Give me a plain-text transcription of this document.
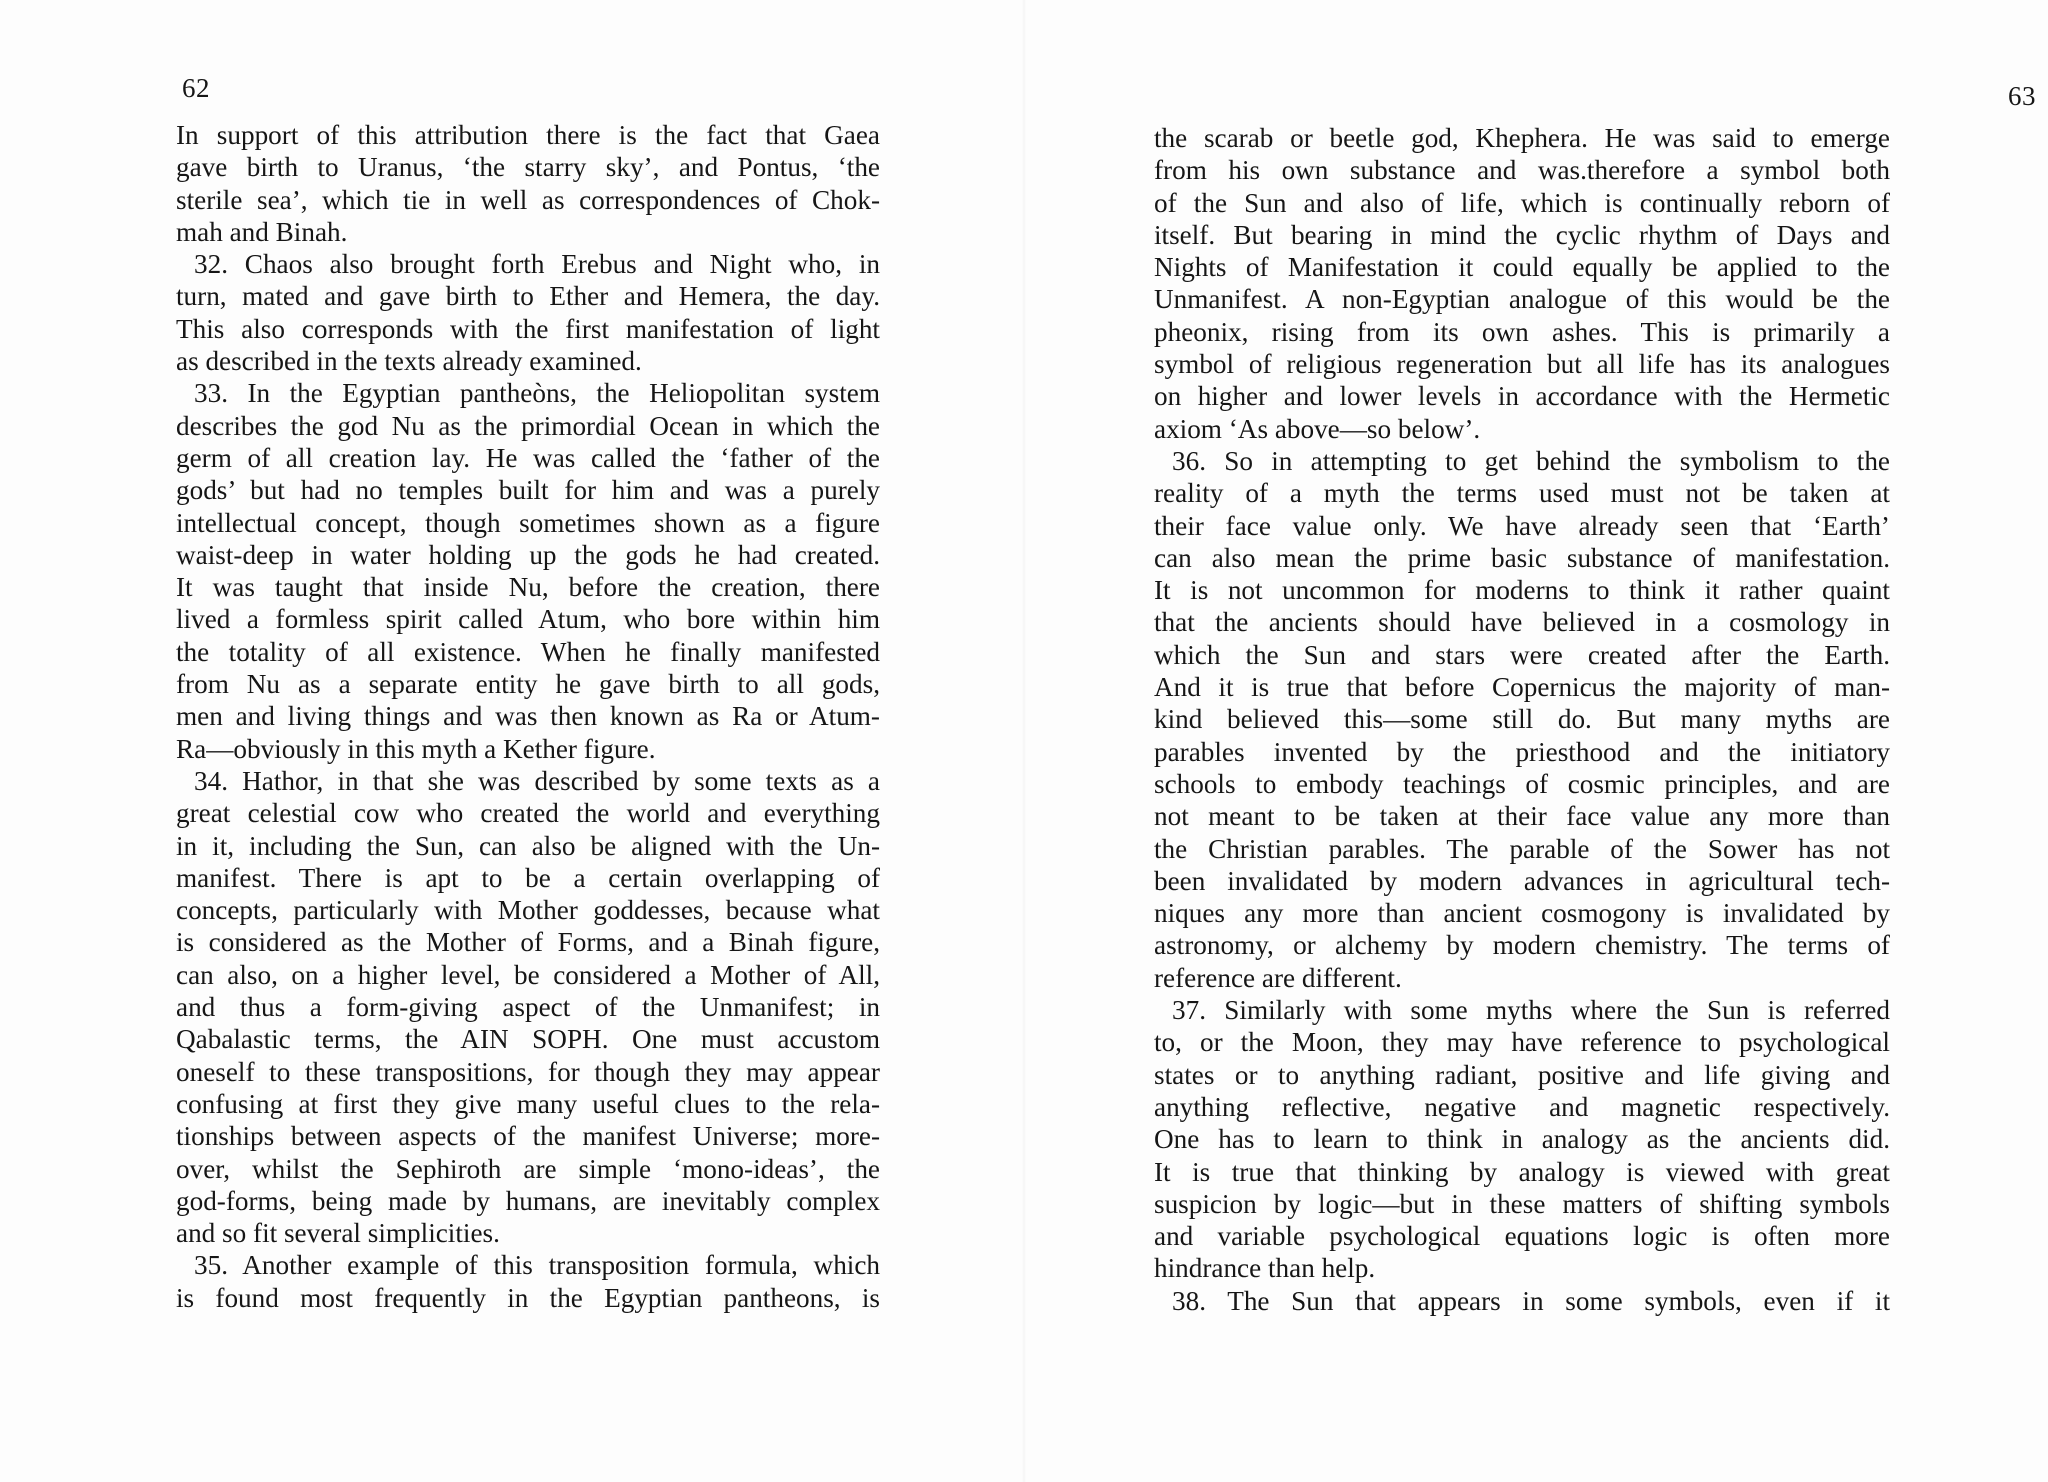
62
In support of this attribution there is the fact that Gaea
gave birth to Uranus, ‘the starry sky’, and Pontus, ‘the
sterile sea’, which tie in well as correspondences of Chok-
mah and Binah.
32. Chaos also brought forth Erebus and Night who, in
turn, mated and gave birth to Ether and Hemera, the day.
This also corresponds with the first manifestation of light
as described in the texts already examined.
33. In the Egyptian pantheòns, the Heliopolitan system
describes the god Nu as the primordial Ocean in which the
germ of all creation lay. He was called the ‘father of the
gods’ but had no temples built for him and was a purely
intellectual concept, though sometimes shown as a figure
waist-deep in water holding up the gods he had created.
It was taught that inside Nu, before the creation, there
lived a formless spirit called Atum, who bore within him
the totality of all existence. When he finally manifested
from Nu as a separate entity he gave birth to all gods,
men and living things and was then known as Ra or Atum-
Ra—obviously in this myth a Kether figure.
34. Hathor, in that she was described by some texts as a
great celestial cow who created the world and everything
in it, including the Sun, can also be aligned with the Un-
manifest. There is apt to be a certain overlapping of
concepts, particularly with Mother goddesses, because what
is considered as the Mother of Forms, and a Binah figure,
can also, on a higher level, be considered a Mother of All,
and thus a form-giving aspect of the Unmanifest; in
Qabalastic terms, the AIN SOPH. One must accustom
oneself to these transpositions, for though they may appear
confusing at first they give many useful clues to the rela-
tionships between aspects of the manifest Universe; more-
over, whilst the Sephiroth are simple ‘mono-ideas’, the
god-forms, being made by humans, are inevitably complex
and so fit several simplicities.
35. Another example of this transposition formula, which
is found most frequently in the Egyptian pantheons, is
63
the scarab or beetle god, Khephera. He was said to emerge
from his own substance and was.therefore a symbol both
of the Sun and also of life, which is continually reborn of
itself. But bearing in mind the cyclic rhythm of Days and
Nights of Manifestation it could equally be applied to the
Unmanifest. A non-Egyptian analogue of this would be the
pheonix, rising from its own ashes. This is primarily a
symbol of religious regeneration but all life has its analogues
on higher and lower levels in accordance with the Hermetic
axiom ‘As above—so below’.
36. So in attempting to get behind the symbolism to the
reality of a myth the terms used must not be taken at
their face value only. We have already seen that ‘Earth’
can also mean the prime basic substance of manifestation.
It is not uncommon for moderns to think it rather quaint
that the ancients should have believed in a cosmology in
which the Sun and stars were created after the Earth.
And it is true that before Copernicus the majority of man-
kind believed this—some still do. But many myths are
parables invented by the priesthood and the initiatory
schools to embody teachings of cosmic principles, and are
not meant to be taken at their face value any more than
the Christian parables. The parable of the Sower has not
been invalidated by modern advances in agricultural tech-
niques any more than ancient cosmogony is invalidated by
astronomy, or alchemy by modern chemistry. The terms of
reference are different.
37. Similarly with some myths where the Sun is referred
to, or the Moon, they may have reference to psychological
states or to anything radiant, positive and life giving and
anything reflective, negative and magnetic respectively.
One has to learn to think in analogy as the ancients did.
It is true that thinking by analogy is viewed with great
suspicion by logic—but in these matters of shifting symbols
and variable psychological equations logic is often more
hindrance than help.
38. The Sun that appears in some symbols, even if it
